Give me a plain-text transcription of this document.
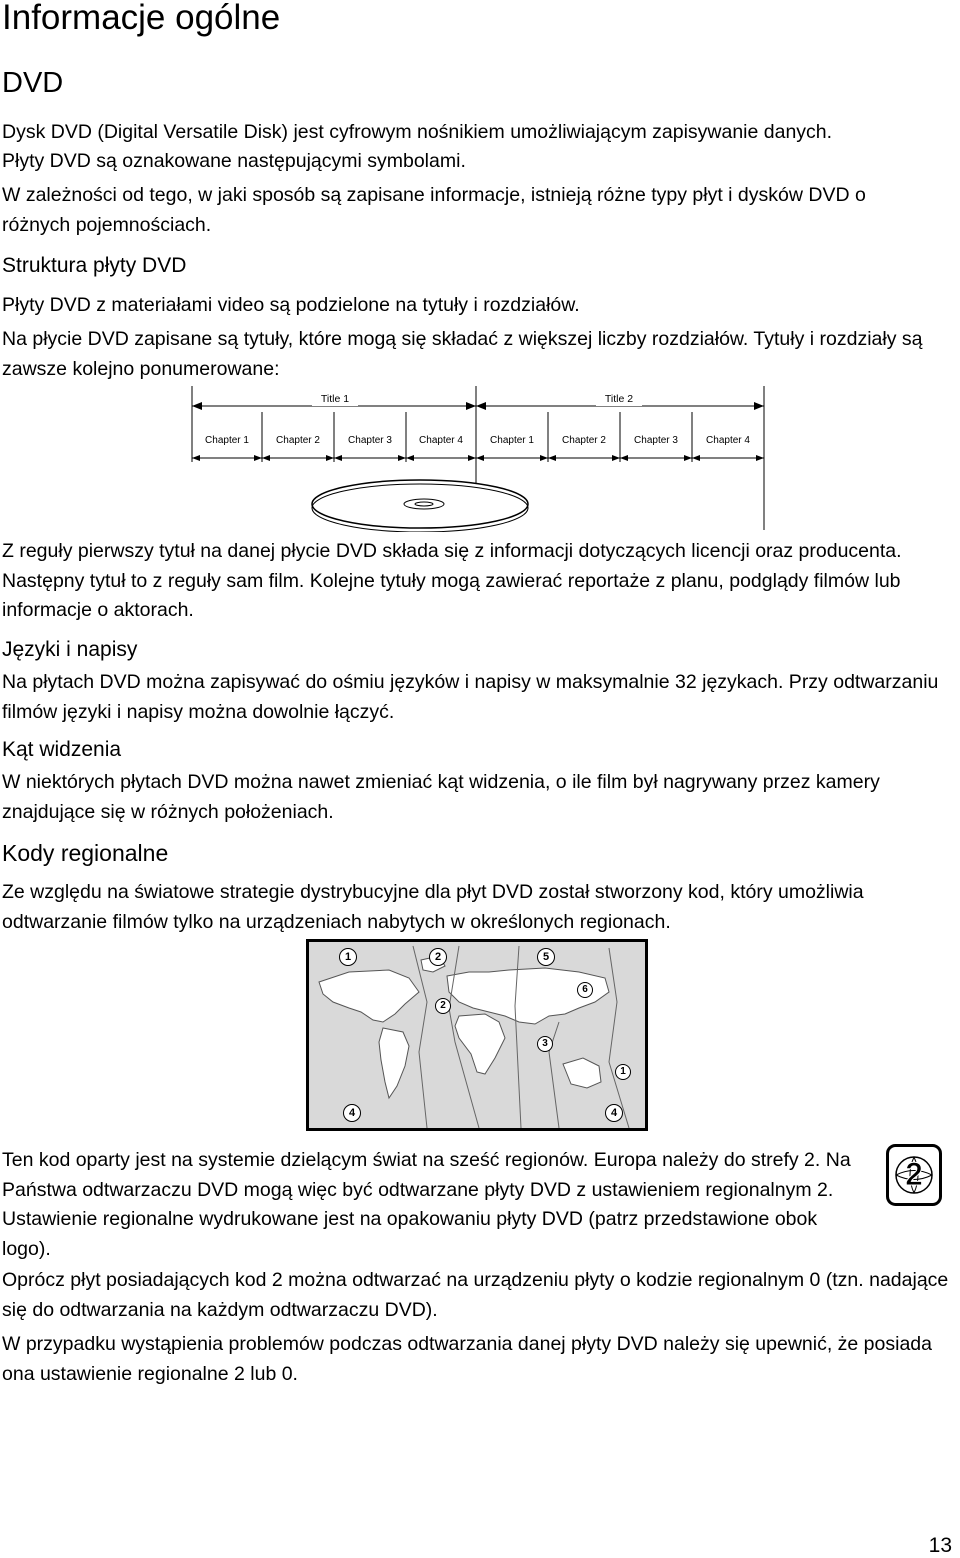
Informacje ogólne
DVD
Dysk DVD (Digital Versatile Disk) jest cyfrowym nośnikiem umożliwiającym zapisywanie danych.
Płyty DVD są oznakowane następującymi symbolami.
W zależności od tego, w jaki sposób są zapisane informacje, istnieją różne typy płyt i dysków DVD o różnych pojemnościach.
Struktura płyty DVD
Płyty DVD z materiałami video są podzielone na tytuły i rozdziałów.
Na płycie DVD zapisane są tytuły, które mogą się składać z większej liczby rozdziałów. Tytuły i rozdziały są zawsze kolejno ponumerowane:
Title 1	Title 2
Chapter 1	Chapter 2	Chapter 3	Chapter 4	Chapter 1	Chapter 2	Chapter 3	Chapter 4
Z reguły pierwszy tytuł na danej płycie DVD składa się z informacji dotyczących licencji oraz producenta. Następny tytuł to z reguły sam film. Kolejne tytuły mogą zawierać reportaże z planu, podglądy filmów lub informacje o aktorach.
Języki i napisy
Na płytach DVD można zapisywać do ośmiu języków i napisy w maksymalnie 32 językach. Przy odtwarzaniu filmów języki i napisy można dowolnie łączyć.
Kąt widzenia
W niektórych płytach DVD można nawet zmieniać kąt widzenia, o ile film był nagrywany przez kamery znajdujące się w różnych położeniach.
Kody regionalne
Ze względu na światowe strategie dystrybucyjne dla płyt DVD został stworzony kod, który umożliwia odtwarzanie filmów tylko na urządzeniach nabytych w określonych regionach.
1	2	5
6
2
3
1
4	4
Ten kod oparty jest na systemie dzielącym świat na sześć regionów. Europa należy do strefy 2. Na Państwa odtwarzaczu DVD mogą więc być odtwarzane płyty DVD z ustawieniem regionalnym 2. Ustawienie regionalne wydrukowane jest na opakowaniu płyty DVD (patrz przedstawione obok logo).
2
Oprócz płyt posiadających kod 2 można odtwarzać na urządzeniu płyty o kodzie regionalnym 0 (tzn. nadające się do odtwarzania na każdym odtwarzaczu DVD).
W przypadku wystąpienia problemów podczas odtwarzania danej płyty DVD należy się upewnić, że posiada ona ustawienie regionalne 2 lub 0.
13
